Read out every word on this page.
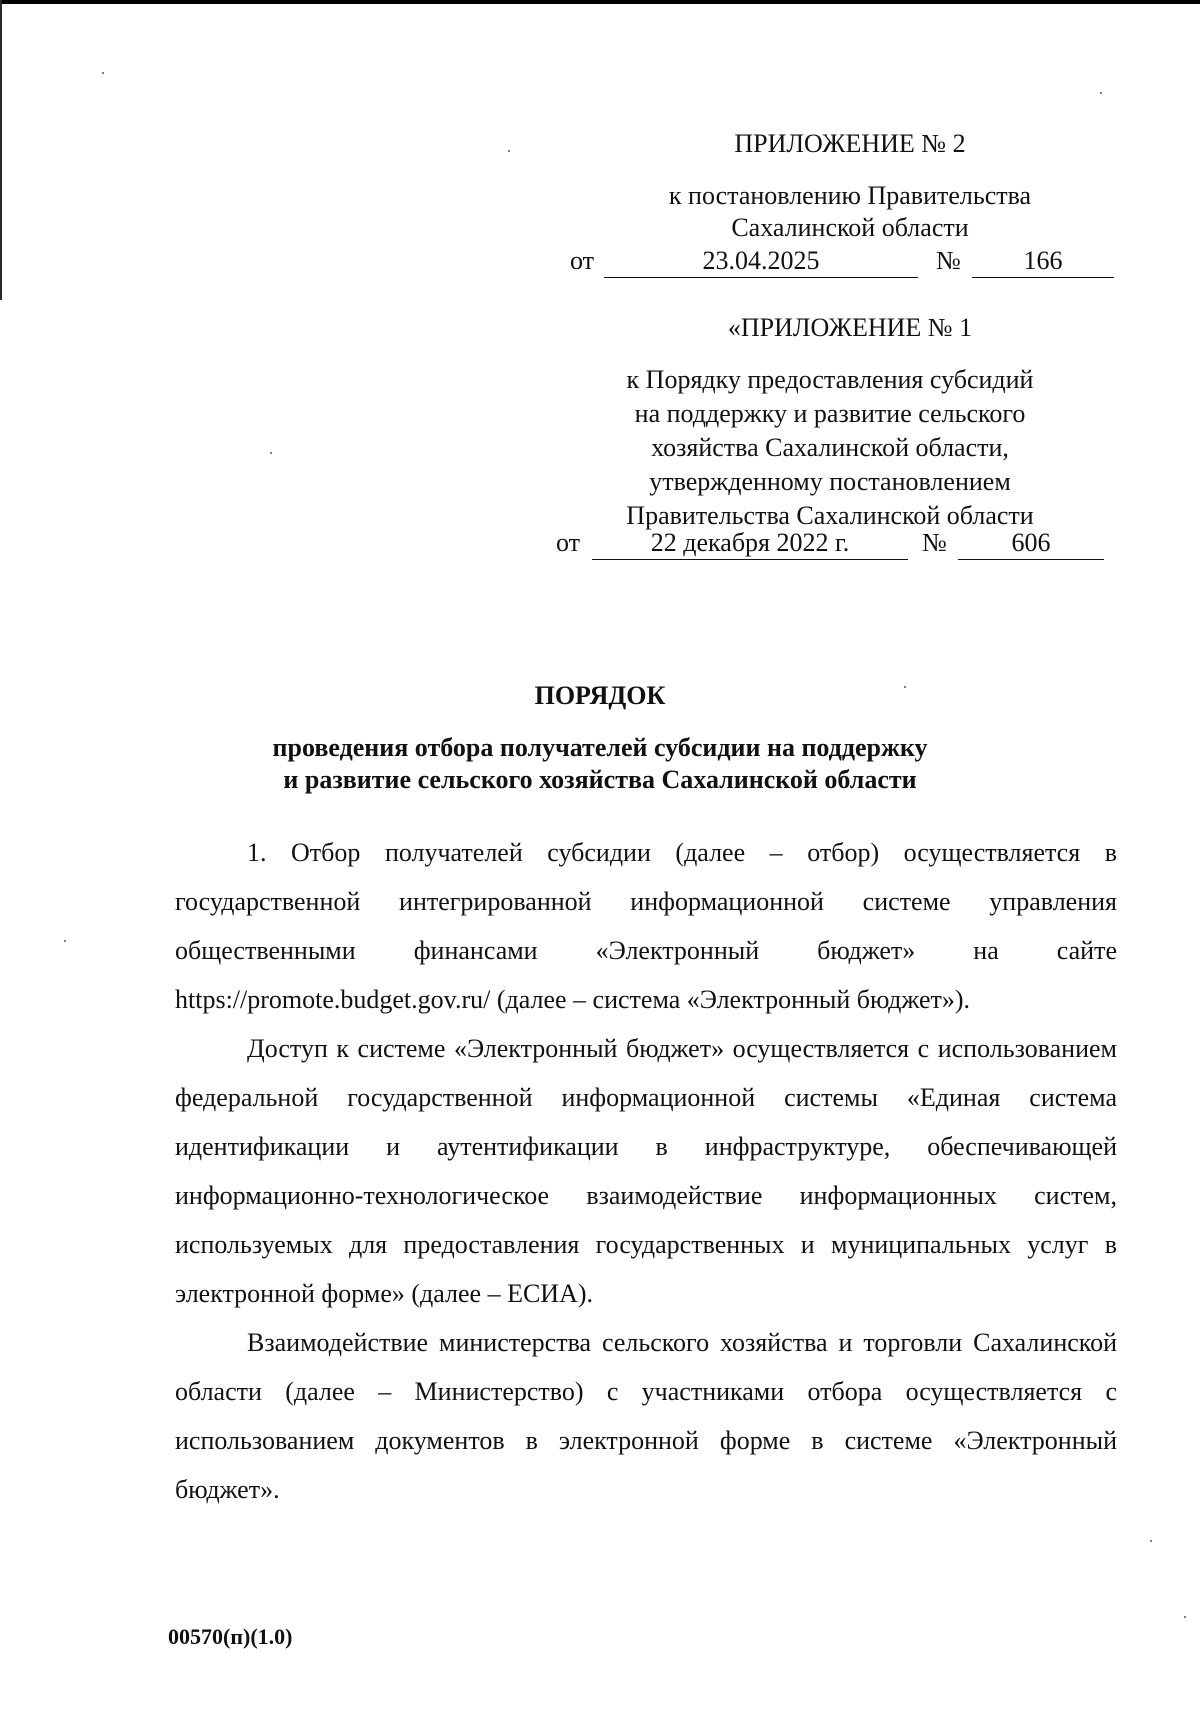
ПРИЛОЖЕНИЕ № 2
к постановлению Правительства
Сахалинской области
от	23.04.2025	№	166
«ПРИЛОЖЕНИЕ № 1
к Порядку предоставления субсидий
на поддержку и развитие сельского
хозяйства Сахалинской области,
утвержденному постановлением
Правительства Сахалинской области
от	22 декабря 2022 г.	№	606
ПОРЯДОК
проведения отбора получателей субсидии на поддержку
и развитие сельского хозяйства Сахалинской области

1. Отбор получателей субсидии (далее – отбор) осуществляется в государственной интегрированной информационной системе управления общественными финансами «Электронный бюджет» на сайте https://promote.budget.gov.ru/ (далее – система «Электронный бюджет»).

Доступ к системе «Электронный бюджет» осуществляется с использованием федеральной государственной информационной системы «Единая система идентификации и аутентификации в инфраструктуре, обеспечивающей информационно-технологическое взаимодействие информационных систем, используемых для предоставления государственных и муниципальных услуг в электронной форме» (далее – ЕСИА).

Взаимодействие министерства сельского хозяйства и торговли Сахалинской области (далее – Министерство) с участниками отбора осуществляется с использованием документов в электронной форме в системе «Электронный бюджет».

00570(п)(1.0)
